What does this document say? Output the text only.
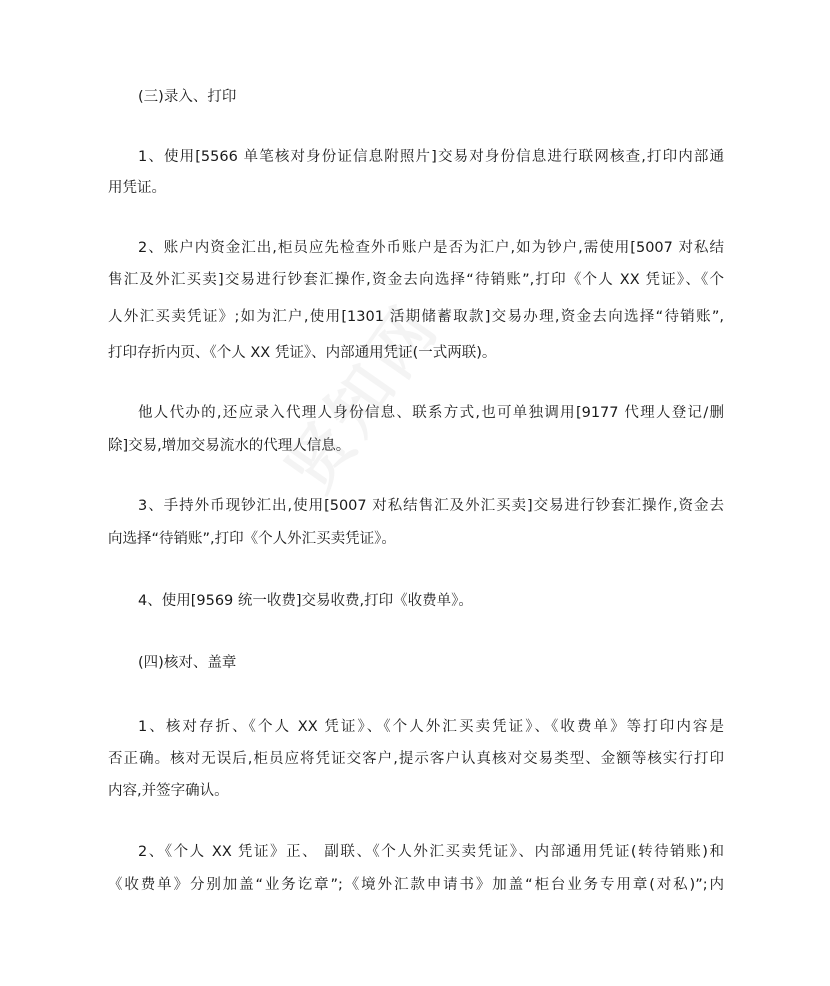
(三)录入、打印
1、使用[5566 单笔核对身份证信息附照片]交易对身份信息进行联网核查,打印内部通
用凭证。
2、账户内资金汇出,柜员应先检查外币账户是否为汇户,如为钞户,需使用[5007 对私结
售汇及外汇买卖]交易进行钞套汇操作,资金去向选择“待销账”,打印《个人 XX 凭证》、《个
人外汇买卖凭证》;如为汇户,使用[1301 活期储蓄取款]交易办理,资金去向选择“待销账”,
打印存折内页、《个人 XX 凭证》、内部通用凭证(一式两联)。
他人代办的,还应录入代理人身份信息、联系方式,也可单独调用[9177 代理人登记/删
除]交易,增加交易流水的代理人信息。
3、手持外币现钞汇出,使用[5007 对私结售汇及外汇买卖]交易进行钞套汇操作,资金去
向选择“待销账”,打印《个人外汇买卖凭证》。
4、使用[9569 统一收费]交易收费,打印《收费单》。
(四)核对、盖章
1、核对存折、《个人 XX 凭证》、《个人外汇买卖凭证》、《收费单》等打印内容是
否正确。核对无误后,柜员应将凭证交客户,提示客户认真核对交易类型、金额等核实行打印
内容,并签字确认。
2、《个人 XX 凭证》正、 副联、《个人外汇买卖凭证》、内部通用凭证(转待销账)和
《收费单》分别加盖“业务讫章”;《境外汇款申请书》加盖“柜台业务专用章(对私)”;内
